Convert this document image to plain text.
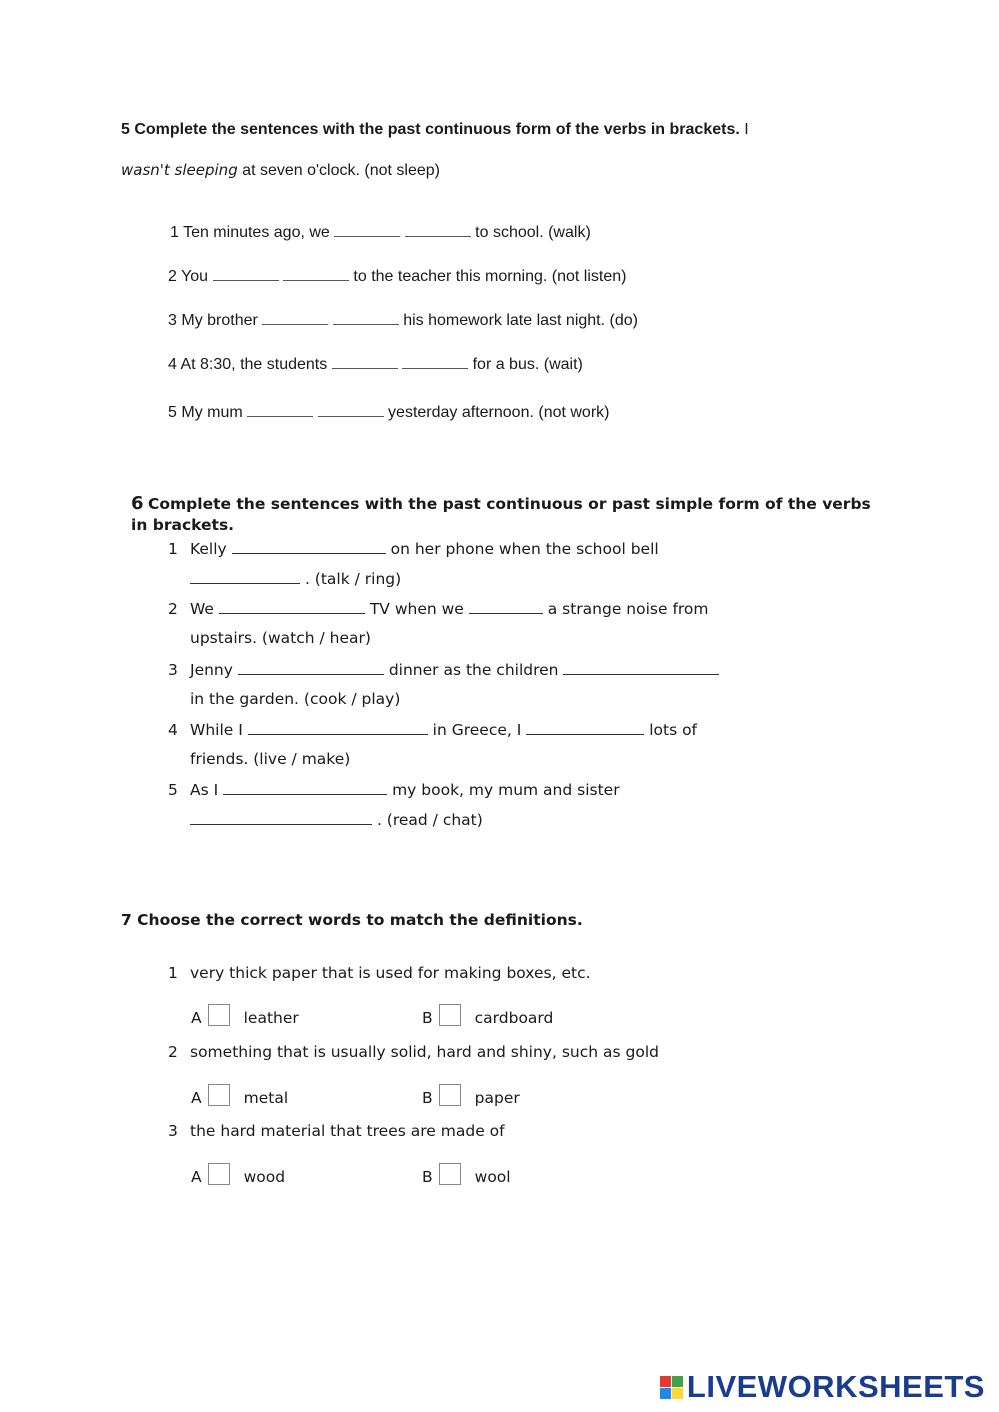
5 Complete the sentences with the past continuous form of the verbs in brackets. I
wasn't sleeping at seven o'clock. (not sleep)
1 Ten minutes ago, we	to school. (walk)
2 You	to the teacher this morning. (not listen)
3 My brother	his homework late last night. (do)
4 At 8:30, the students	for a bus. (wait)
5 My mum	yesterday afternoon. (not work)
6 Complete the sentences with the past continuous or past simple form of the verbs
in brackets.
1 Kelly	on her phone when the school bell
. (talk / ring)
2 We	TV when we	a strange noise from
upstairs. (watch / hear)
3 Jenny	dinner as the children
in the garden. (cook / play)
4 While I	in Greece, I	lots of
friends. (live / make)
5 As I	my book, my mum and sister
. (read / chat)
7 Choose the correct words to match the definitions.
1 very thick paper that is used for making boxes, etc.
A	leather	B	cardboard
2 something that is usually solid, hard and shiny, such as gold
A	metal	B	paper
3 the hard material that trees are made of
A	wood	B	wool
LIVEWORKSHEETS
